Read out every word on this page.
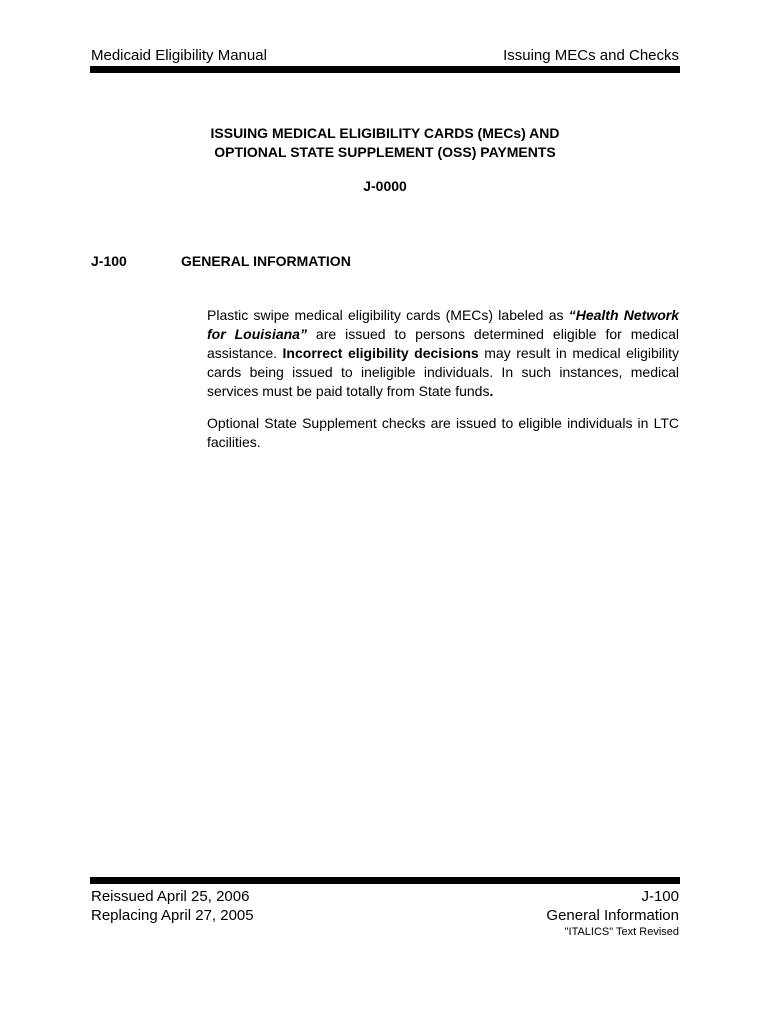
Medicaid Eligibility Manual	Issuing MECs and Checks
ISSUING MEDICAL ELIGIBILITY CARDS (MECs) AND
OPTIONAL STATE SUPPLEMENT (OSS) PAYMENTS
J-0000
J-100	GENERAL INFORMATION
Plastic swipe medical eligibility cards (MECs) labeled as “Health Network for Louisiana” are issued to persons determined eligible for medical assistance. Incorrect eligibility decisions may result in medical eligibility cards being issued to ineligible individuals. In such instances, medical services must be paid totally from State funds.
Optional State Supplement checks are issued to eligible individuals in LTC facilities.
Reissued April 25, 2006
Replacing April 27, 2005
J-100
General Information
"ITALICS" Text Revised
